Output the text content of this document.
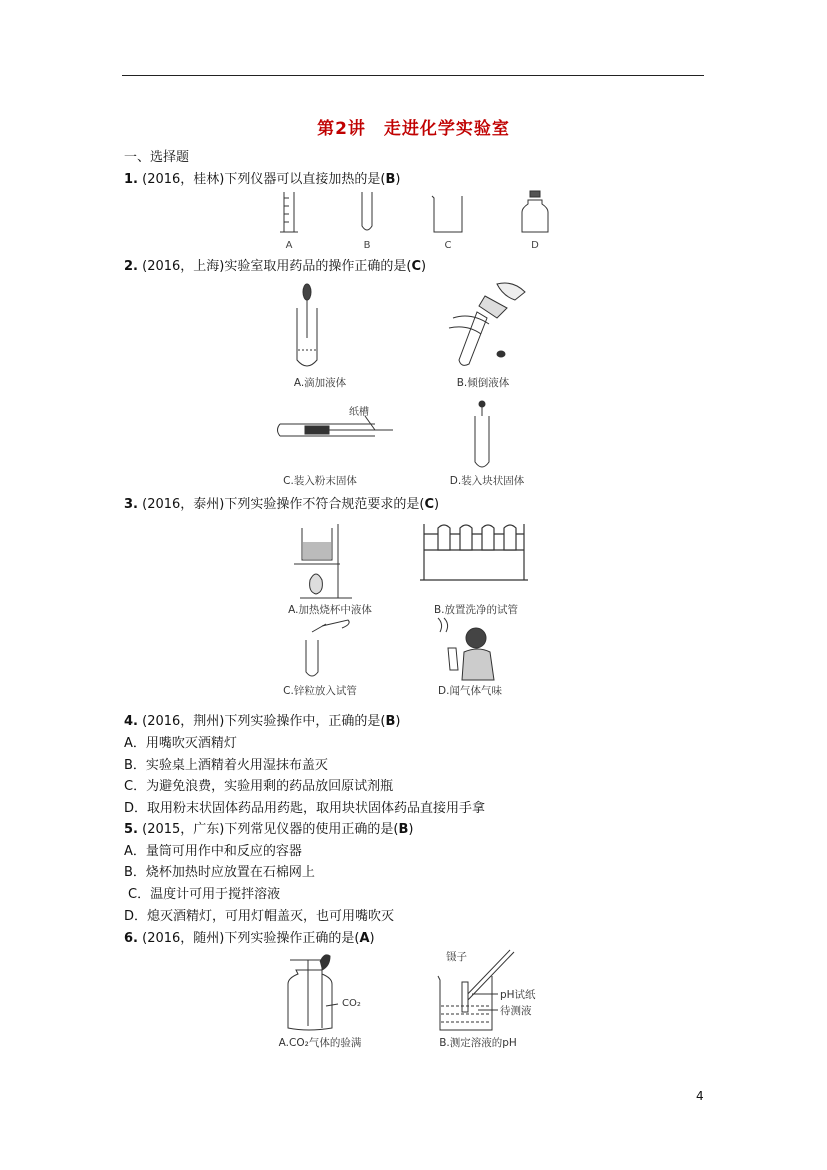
第2讲　走进化学实验室
一、选择题
1. (2016，桂林)下列仪器可以直接加热的是(B)
A	B	C	D
2. (2016，上海)实验室取用药品的操作正确的是(C)
A.滴加液体	B.倾倒液体
纸槽
C.装入粉末固体	D.装入块状固体
3. (2016，泰州)下列实验操作不符合规范要求的是(C)
A.加热烧杯中液体	B.放置洗净的试管
C.锌粒放入试管	D.闻气体气味
4. (2016，荆州)下列实验操作中，正确的是(B)
A．用嘴吹灭酒精灯
B．实验桌上酒精着火用湿抹布盖灭
C．为避免浪费，实验用剩的药品放回原试剂瓶
D．取用粉末状固体药品用药匙，取用块状固体药品直接用手拿
5. (2015，广东)下列常见仪器的使用正确的是(B)
A．量筒可用作中和反应的容器
B．烧杯加热时应放置在石棉网上
C．温度计可用于搅拌溶液
D．熄灭酒精灯，可用灯帽盖灭，也可用嘴吹灭
6. (2016，随州)下列实验操作正确的是(A)
CO₂
A.CO₂气体的验满
镊子
pH试纸
待测液
B.测定溶液的pH
4
